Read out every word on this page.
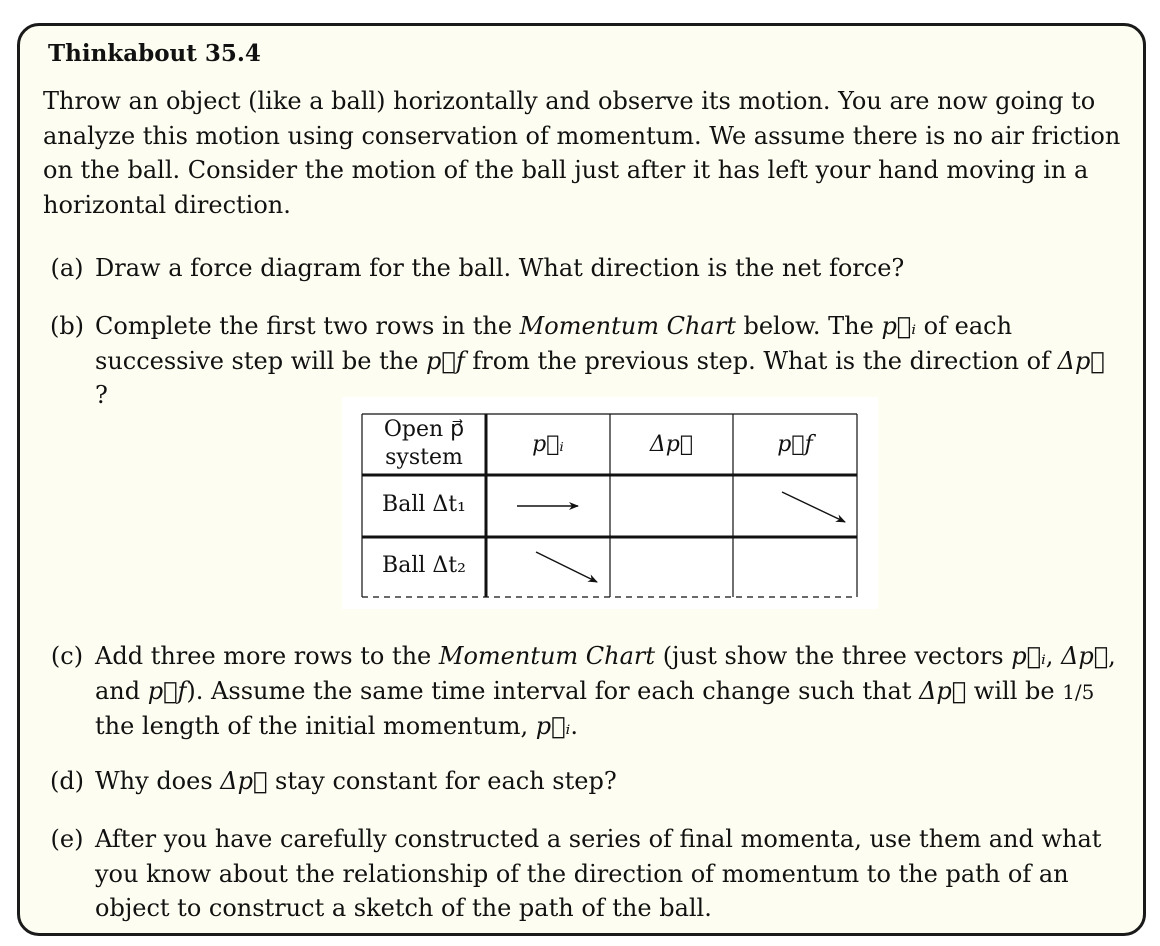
Thinkabout 35.4
Throw an object (like a ball) horizontally and observe its motion. You are now going to analyze this motion using conservation of momentum. We assume there is no air friction on the ball. Consider the motion of the ball just after it has left your hand moving in a horizontal direction.
(a) Draw a force diagram for the ball. What direction is the net force?
(b) Complete the first two rows in the Momentum Chart below. The p⃗ᵢ of each successive step will be the p⃗f from the previous step. What is the direction of Δp⃗ ?
Open p⃗
system
p⃗ᵢ	Δp⃗	p⃗f
Ball Δt₁
Ball Δt₂
(c) Add three more rows to the Momentum Chart (just show the three vectors p⃗ᵢ, Δp⃗, and p⃗f). Assume the same time interval for each change such that Δp⃗ will be 1/5 the length of the initial momentum, p⃗ᵢ.
(d) Why does Δp⃗ stay constant for each step?
(e) After you have carefully constructed a series of final momenta, use them and what you know about the relationship of the direction of momentum to the path of an object to construct a sketch of the path of the ball.
